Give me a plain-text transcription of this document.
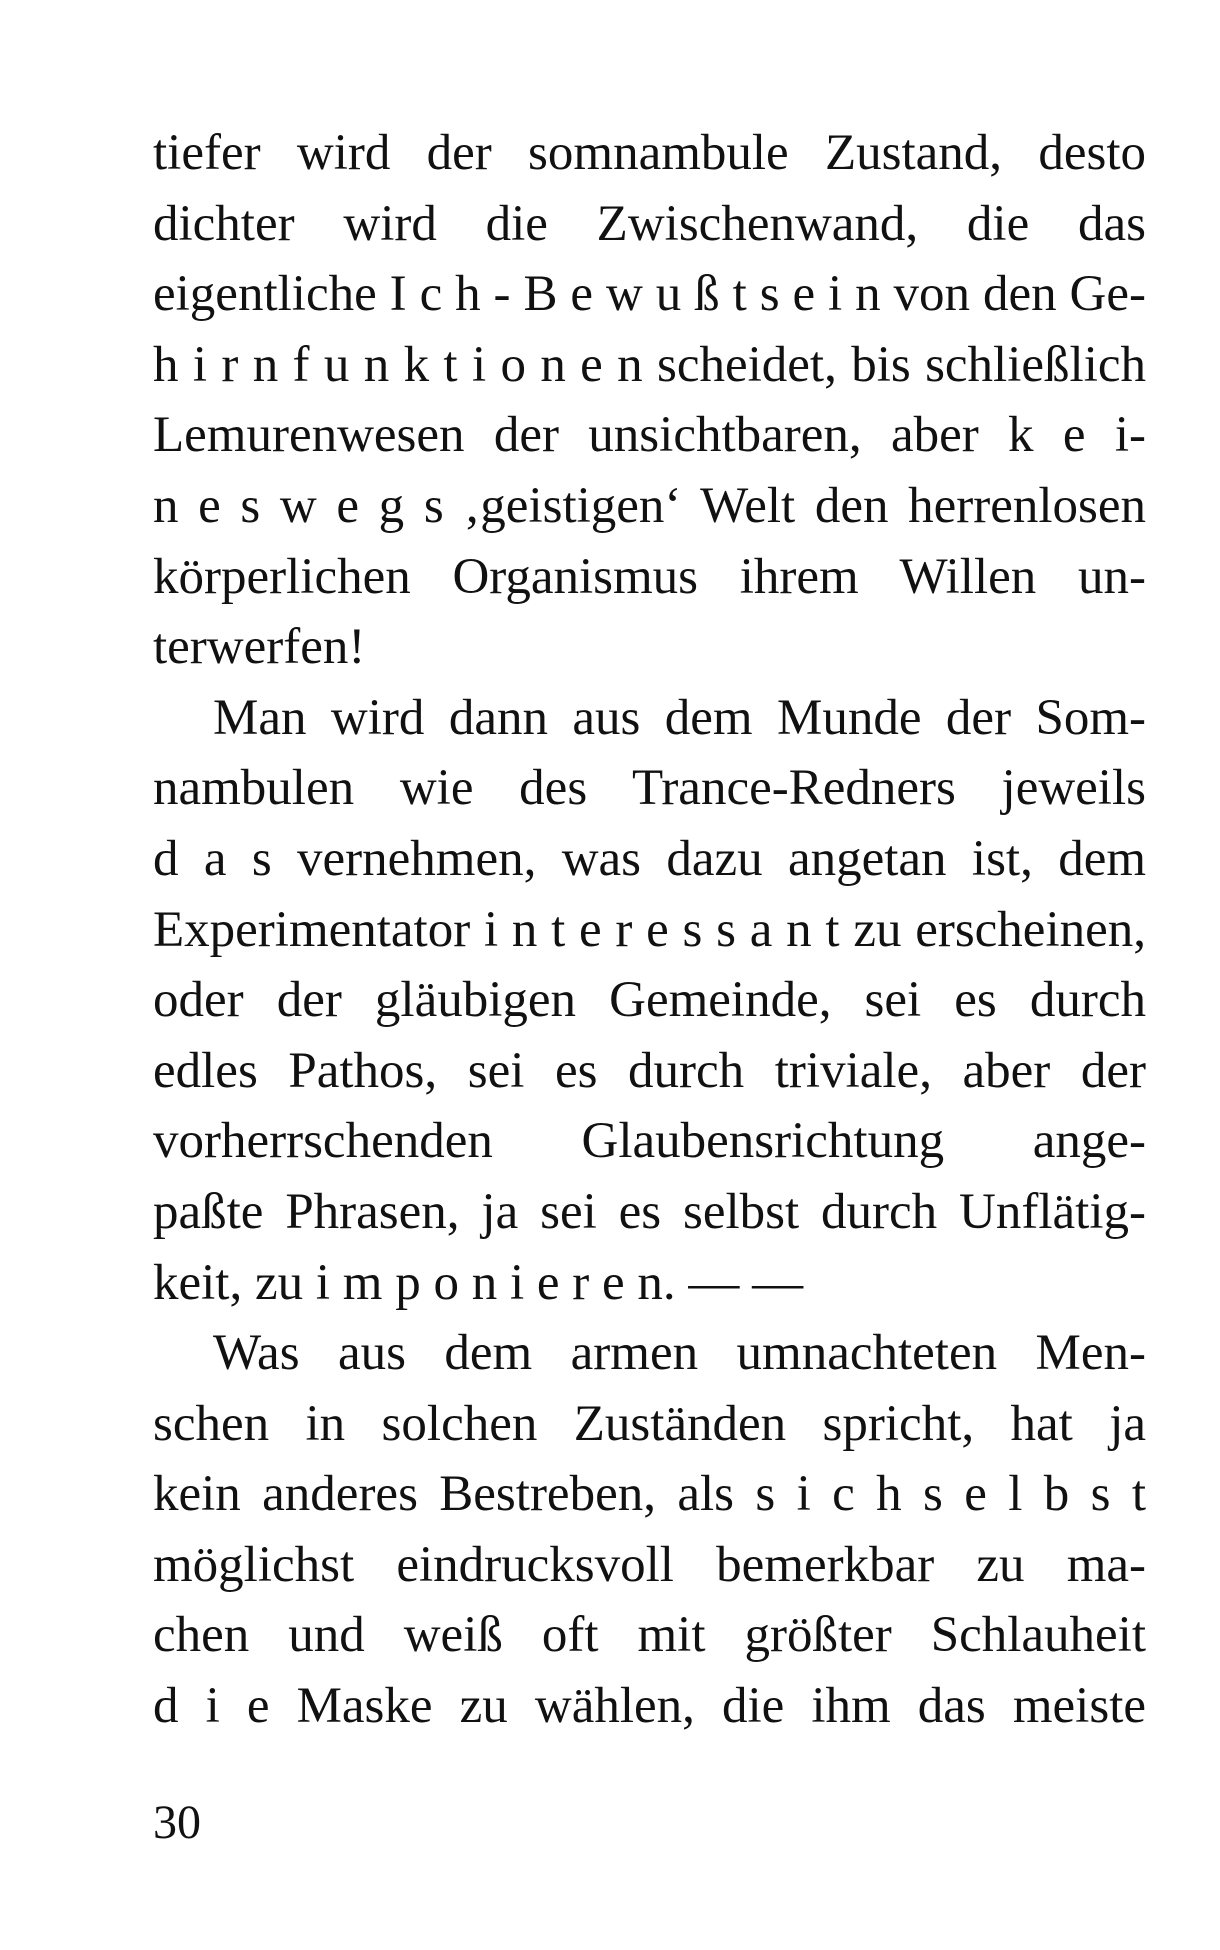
tiefer wird der somnambule Zustand, desto
dichter wird die Zwischenwand, die das
eigentliche I c h - B e w u ß t s e i n von den Ge-
h i r n f u n k t i o n e n scheidet, bis schließlich
Lemurenwesen der unsichtbaren, aber k e i-
n e s w e g s ‚geistigen‘ Welt den herrenlosen
körperlichen Organismus ihrem Willen un-
terwerfen!
Man wird dann aus dem Munde der Som-
nambulen wie des Trance-Redners jeweils
d a s vernehmen, was dazu angetan ist, dem
Experimentator i n t e r e s s a n t zu erscheinen,
oder der gläubigen Gemeinde, sei es durch
edles Pathos, sei es durch triviale, aber der
vorherrschenden Glaubensrichtung ange-
paßte Phrasen, ja sei es selbst durch Unflätig-
keit, zu i m p o n i e r e n. — —
Was aus dem armen umnachteten Men-
schen in solchen Zuständen spricht, hat ja
kein anderes Bestreben, als s i c h s e l b s t
möglichst eindrucksvoll bemerkbar zu ma-
chen und weiß oft mit größter Schlauheit
d i e Maske zu wählen, die ihm das meiste
30
